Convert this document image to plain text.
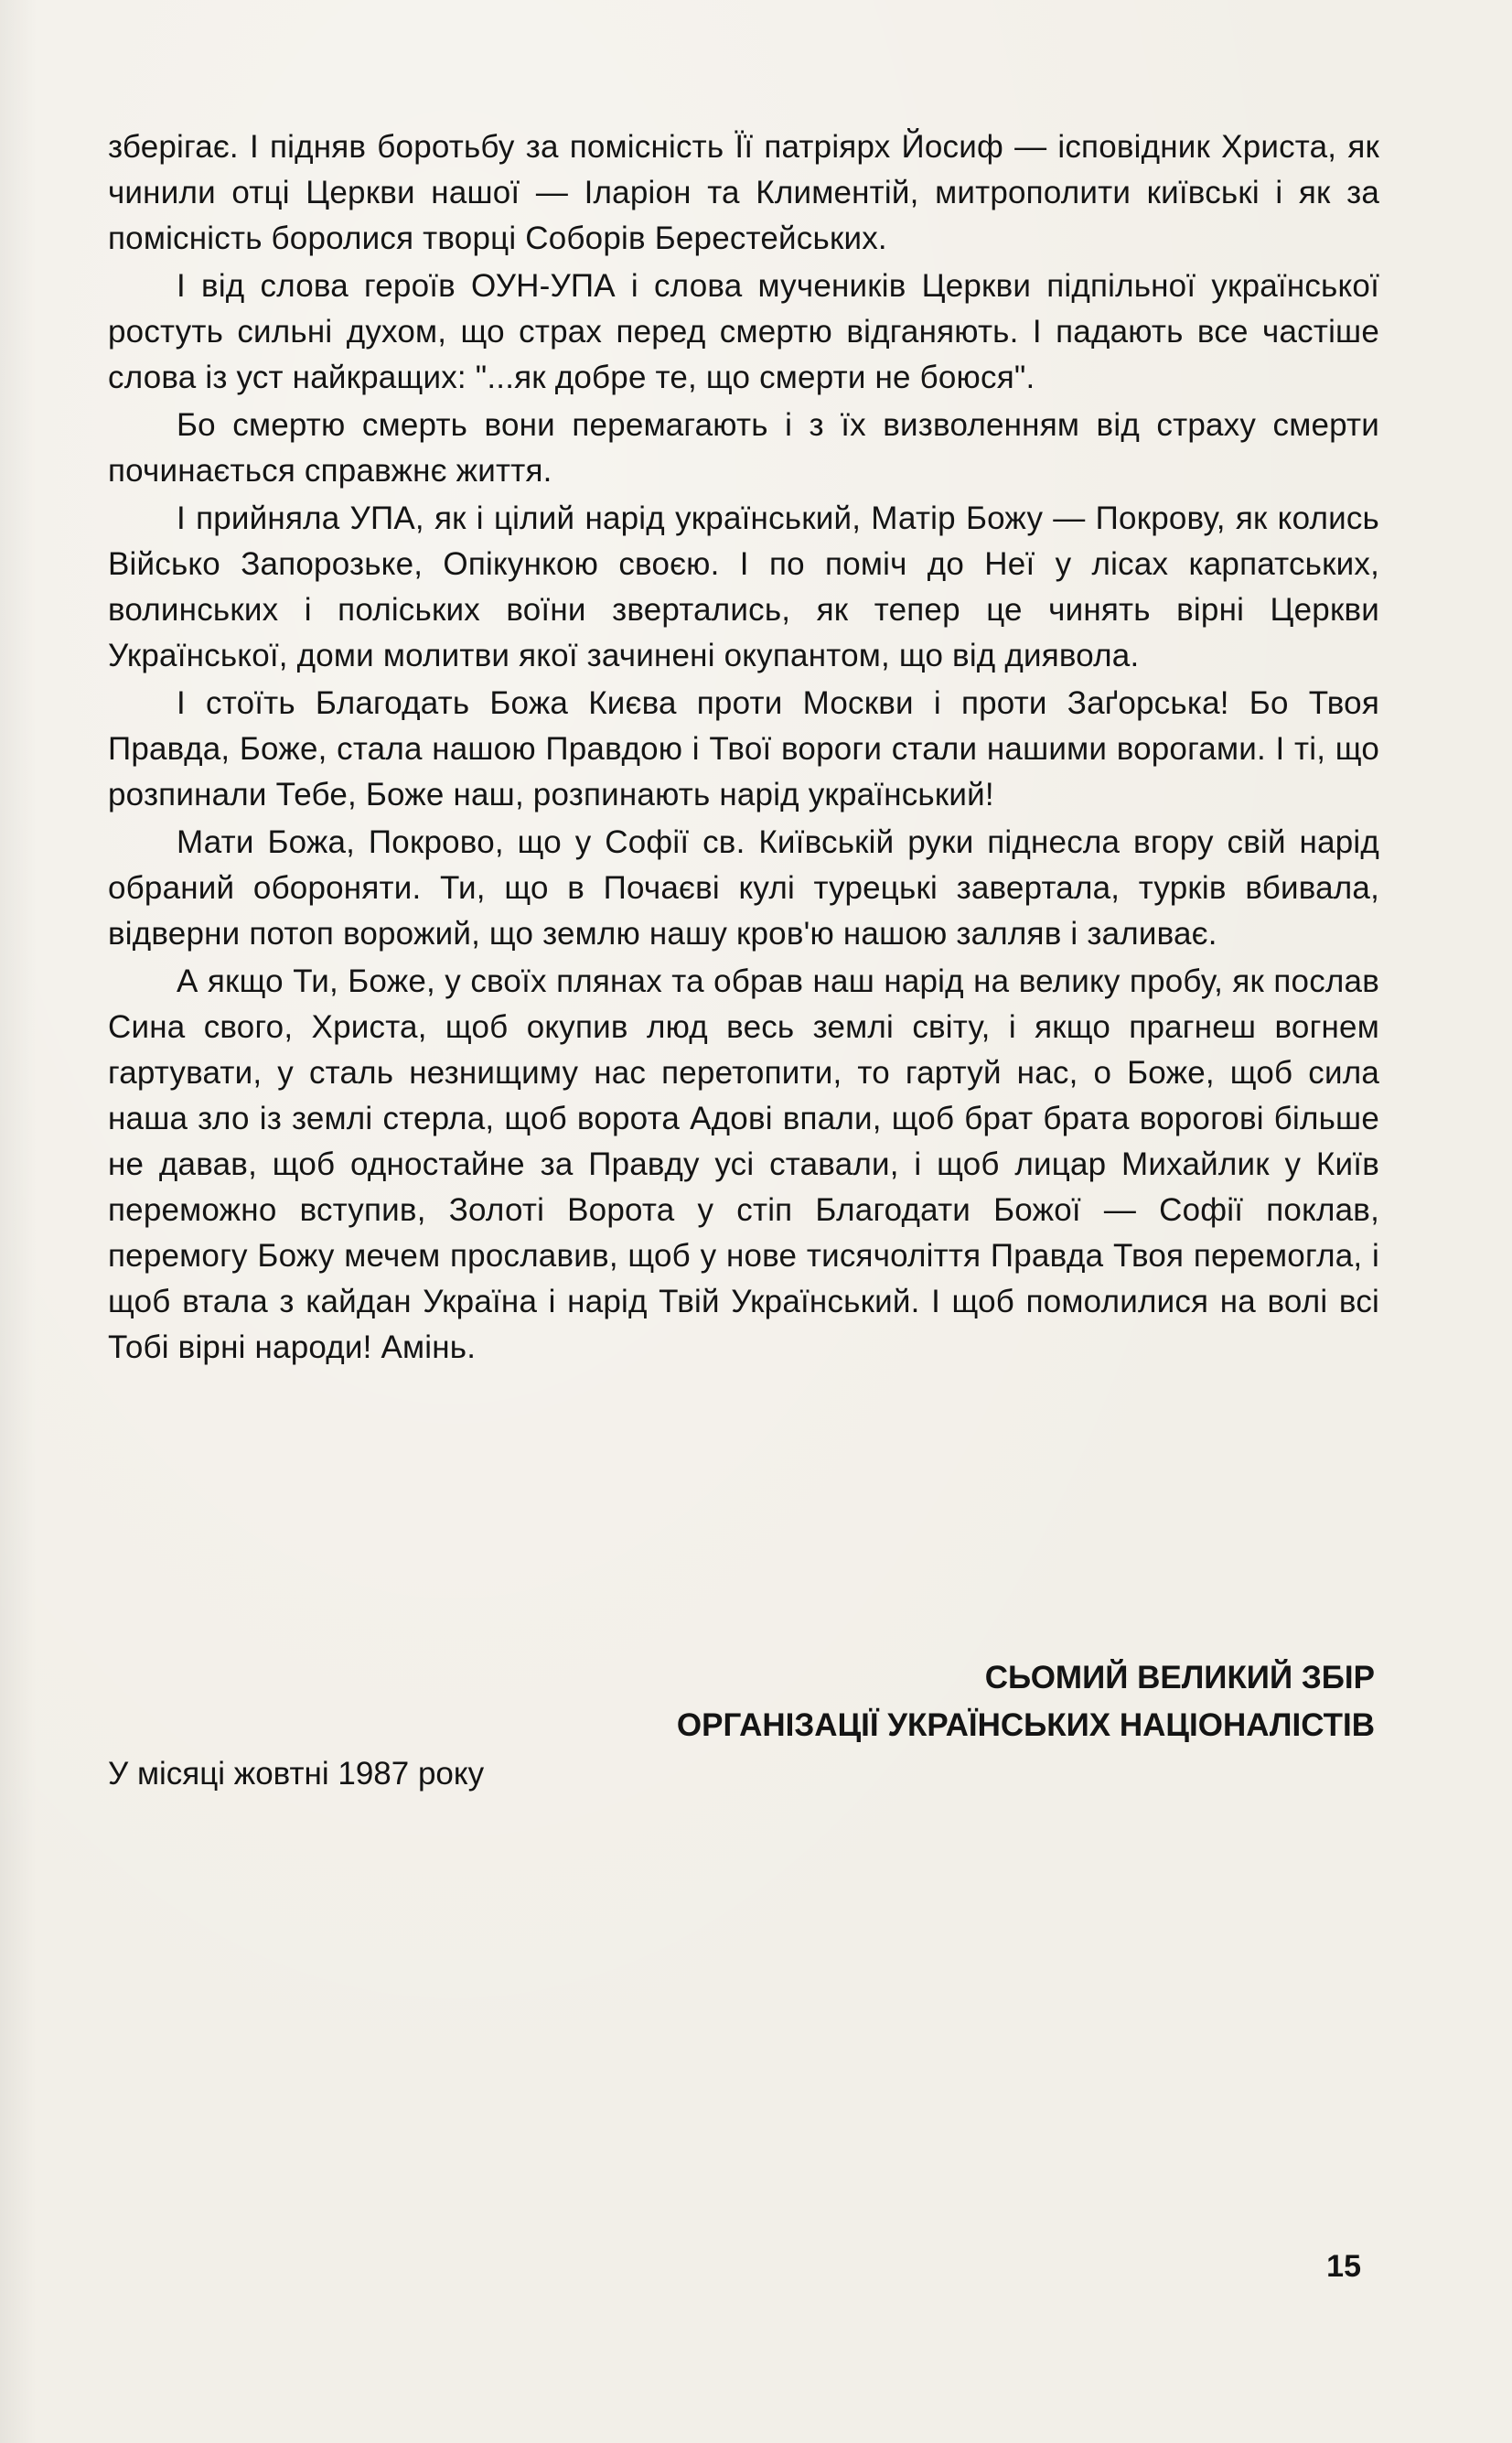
зберігає. І підняв боротьбу за помісність Її патріярх Йосиф — ісповідник Христа, як чинили отці Церкви нашої — Іларіон та Климентій, митрополити київські і як за помісність боролися творці Соборів Берестейських.

І від слова героїв ОУН-УПА і слова мучеників Церкви підпільної української ростуть сильні духом, що страх перед смертю відганяють. І падають все частіше слова із уст найкращих: "...як добре те, що смерти не боюся".

Бо смертю смерть вони перемагають і з їх визволенням від страху смерти починається справжнє життя.

І прийняла УПА, як і цілий нарід український, Матір Божу — Покрову, як колись Військо Запорозьке, Опікункою своєю. І по поміч до Неї у лісах карпатських, волинських і поліських воїни звертались, як тепер це чинять вірні Церкви Української, доми молитви якої зачинені окупантом, що від диявола.

І стоїть Благодать Божа Києва проти Москви і проти Заґорська! Бо Твоя Правда, Боже, стала нашою Правдою і Твої вороги стали нашими ворогами. І ті, що розпинали Тебе, Боже наш, розпинають нарід український!

Мати Божа, Покрово, що у Софії св. Київській руки піднесла вгору свій нарід обраний обороняти. Ти, що в Почаєві кулі турецькі завертала, турків вбивала, відверни потоп ворожий, що землю нашу кров'ю нашою залляв і заливає.

А якщо Ти, Боже, у своїх плянах та обрав наш нарід на велику пробу, як послав Сина свого, Христа, щоб окупив люд весь землі світу, і якщо прагнеш вогнем гартувати, у сталь незнищиму нас перетопити, то гартуй нас, о Боже, щоб сила наша зло із землі стерла, щоб ворота Адові впали, щоб брат брата ворогові більше не давав, щоб одностайне за Правду усі ставали, і щоб лицар Михайлик у Київ переможно вступив, Золоті Ворота у стіп Благодати Божої — Софії поклав, перемогу Божу мечем прославив, щоб у нове тисячоліття Правда Твоя перемогла, і щоб втала з кайдан Україна і нарід Твій Український. І щоб помолилися на волі всі Тобі вірні народи! Амінь.

СЬОМИЙ ВЕЛИКИЙ ЗБІР
ОРГАНІЗАЦІЇ УКРАЇНСЬКИХ НАЦІОНАЛІСТІВ
У місяці жовтні 1987 року
15
